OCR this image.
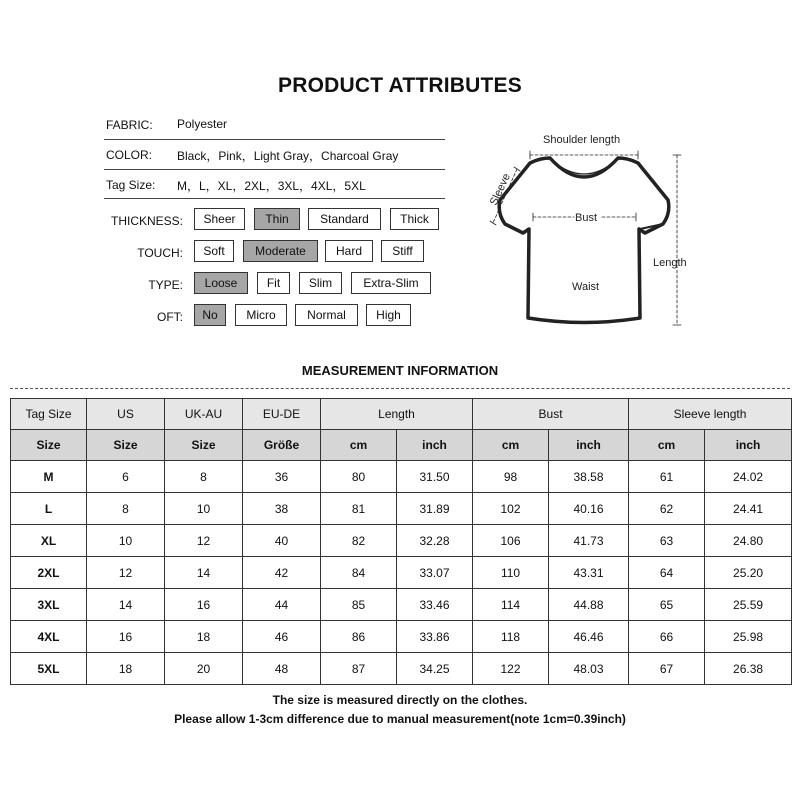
PRODUCT ATTRIBUTES
FABRIC: Polyester
COLOR: Black，Pink，Light Gray，Charcoal Gray
Tag Size: M，L，XL，2XL，3XL，4XL，5XL
THICKNESS:	Sheer	Thin	Standard	Thick
TOUCH:	Soft	Moderate	Hard	Stiff
TYPE:	Loose	Fit	Slim	Extra-Slim
OFT:	No	Micro	Normal	High
Shoulder length
Sleeve
Bust
Length
Waist
MEASUREMENT INFORMATION
Tag Size	US	UK-AU	EU-DE	Length		Bust		Sleeve length	
Size	Size	Size	Größe	cm	inch	cm	inch	cm	inch
M	6	8	36	80	31.50	98	38.58	61	24.02
L	8	10	38	81	31.89	102	40.16	62	24.41
XL	10	12	40	82	32.28	106	41.73	63	24.80
2XL	12	14	42	84	33.07	110	43.31	64	25.20
3XL	14	16	44	85	33.46	114	44.88	65	25.59
4XL	16	18	46	86	33.86	118	46.46	66	25.98
5XL	18	20	48	87	34.25	122	48.03	67	26.38
The size is measured directly on the clothes.
Please allow 1-3cm difference due to manual measurement(note 1cm=0.39inch)
